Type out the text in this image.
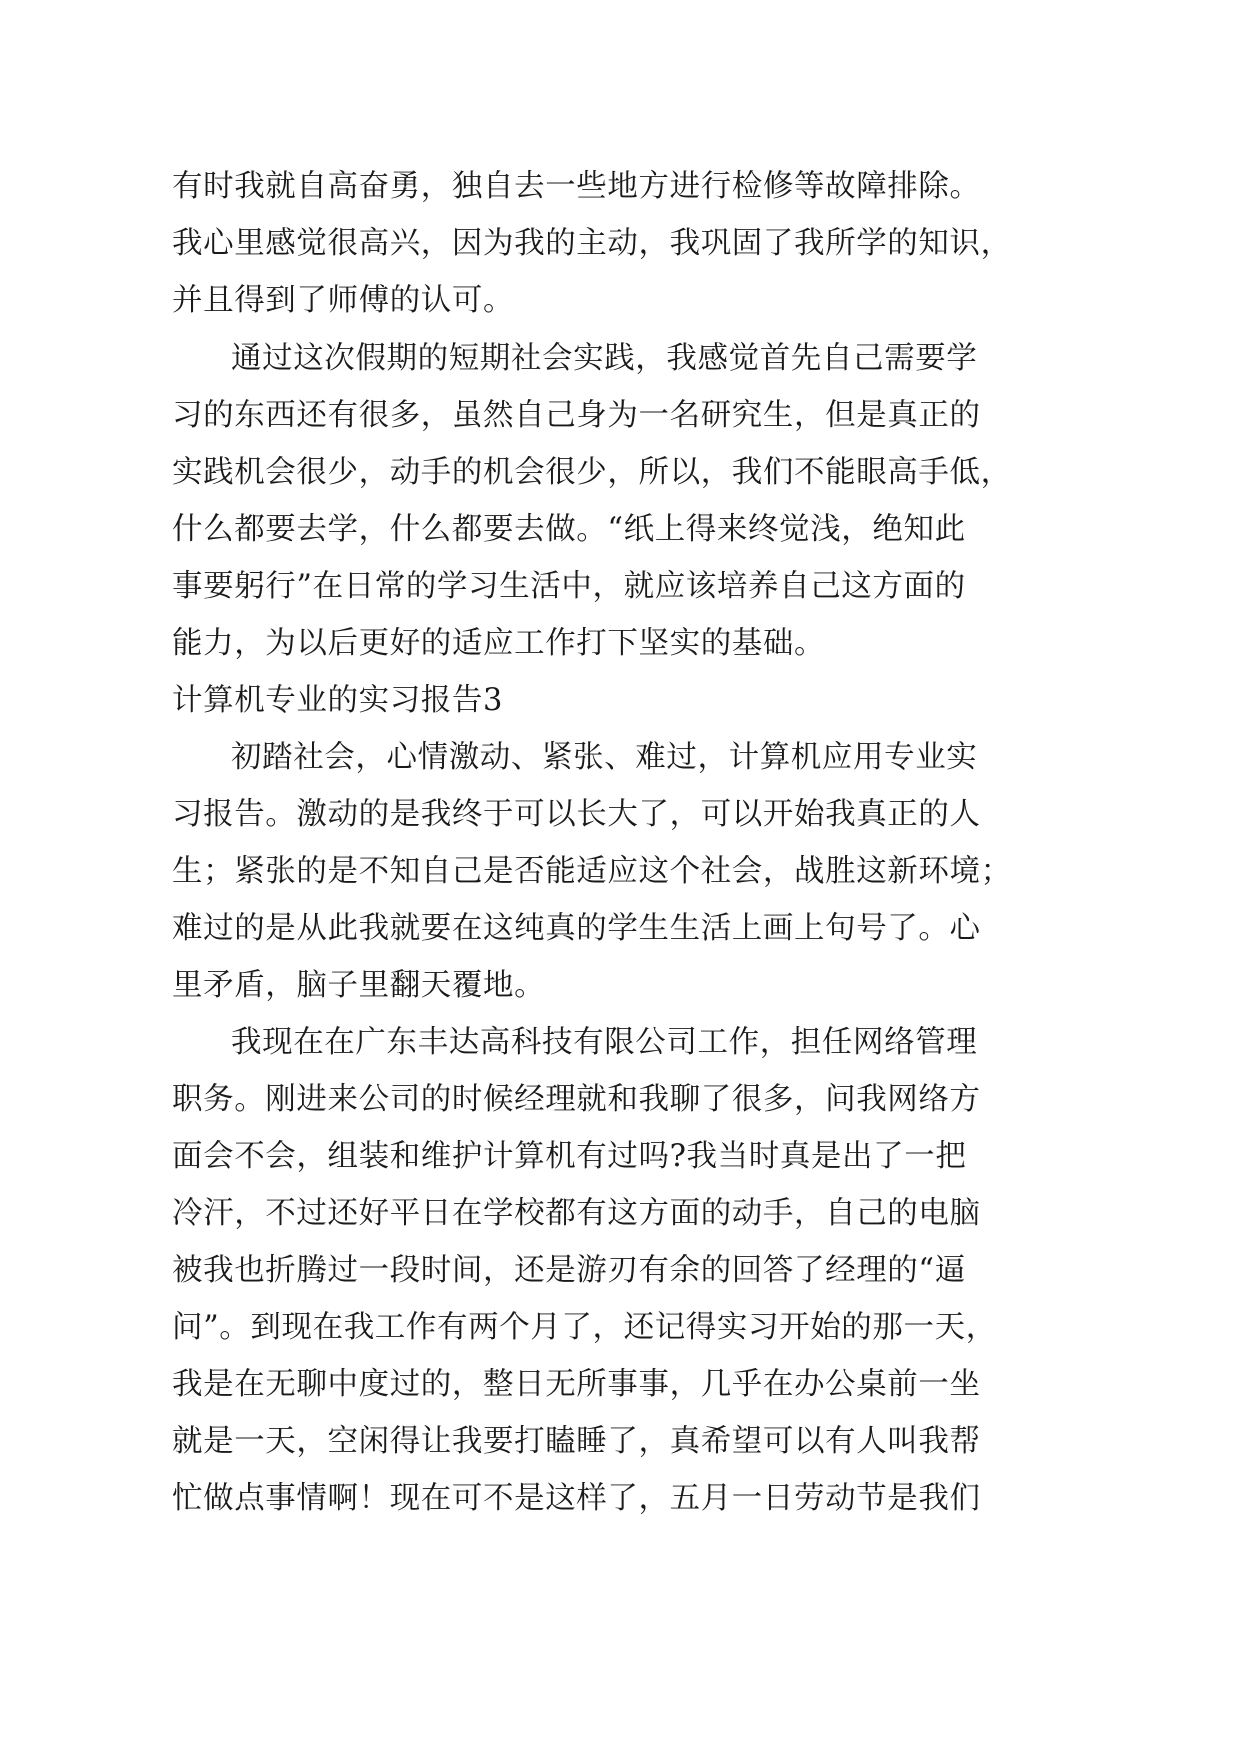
有时我就自高奋勇，独自去一些地方进行检修等故障排除。
我心里感觉很高兴，因为我的主动，我巩固了我所学的知识，
并且得到了师傅的认可。
通过这次假期的短期社会实践，我感觉首先自己需要学
习的东西还有很多，虽然自己身为一名研究生，但是真正的
实践机会很少，动手的机会很少，所以，我们不能眼高手低，
什么都要去学，什么都要去做。“纸上得来终觉浅，绝知此
事要躬行”在日常的学习生活中，就应该培养自己这方面的
能力，为以后更好的适应工作打下坚实的基础。
计算机专业的实习报告3
初踏社会，心情激动、紧张、难过，计算机应用专业实
习报告。激动的是我终于可以长大了，可以开始我真正的人
生；紧张的是不知自己是否能适应这个社会，战胜这新环境；
难过的是从此我就要在这纯真的学生生活上画上句号了。心
里矛盾，脑子里翻天覆地。
我现在在广东丰达高科技有限公司工作，担任网络管理
职务。刚进来公司的时候经理就和我聊了很多，问我网络方
面会不会，组装和维护计算机有过吗?我当时真是出了一把
冷汗，不过还好平日在学校都有这方面的动手，自己的电脑
被我也折腾过一段时间，还是游刃有余的回答了经理的“逼
问”。到现在我工作有两个月了，还记得实习开始的那一天，
我是在无聊中度过的，整日无所事事，几乎在办公桌前一坐
就是一天，空闲得让我要打瞌睡了，真希望可以有人叫我帮
忙做点事情啊！现在可不是这样了，五月一日劳动节是我们
